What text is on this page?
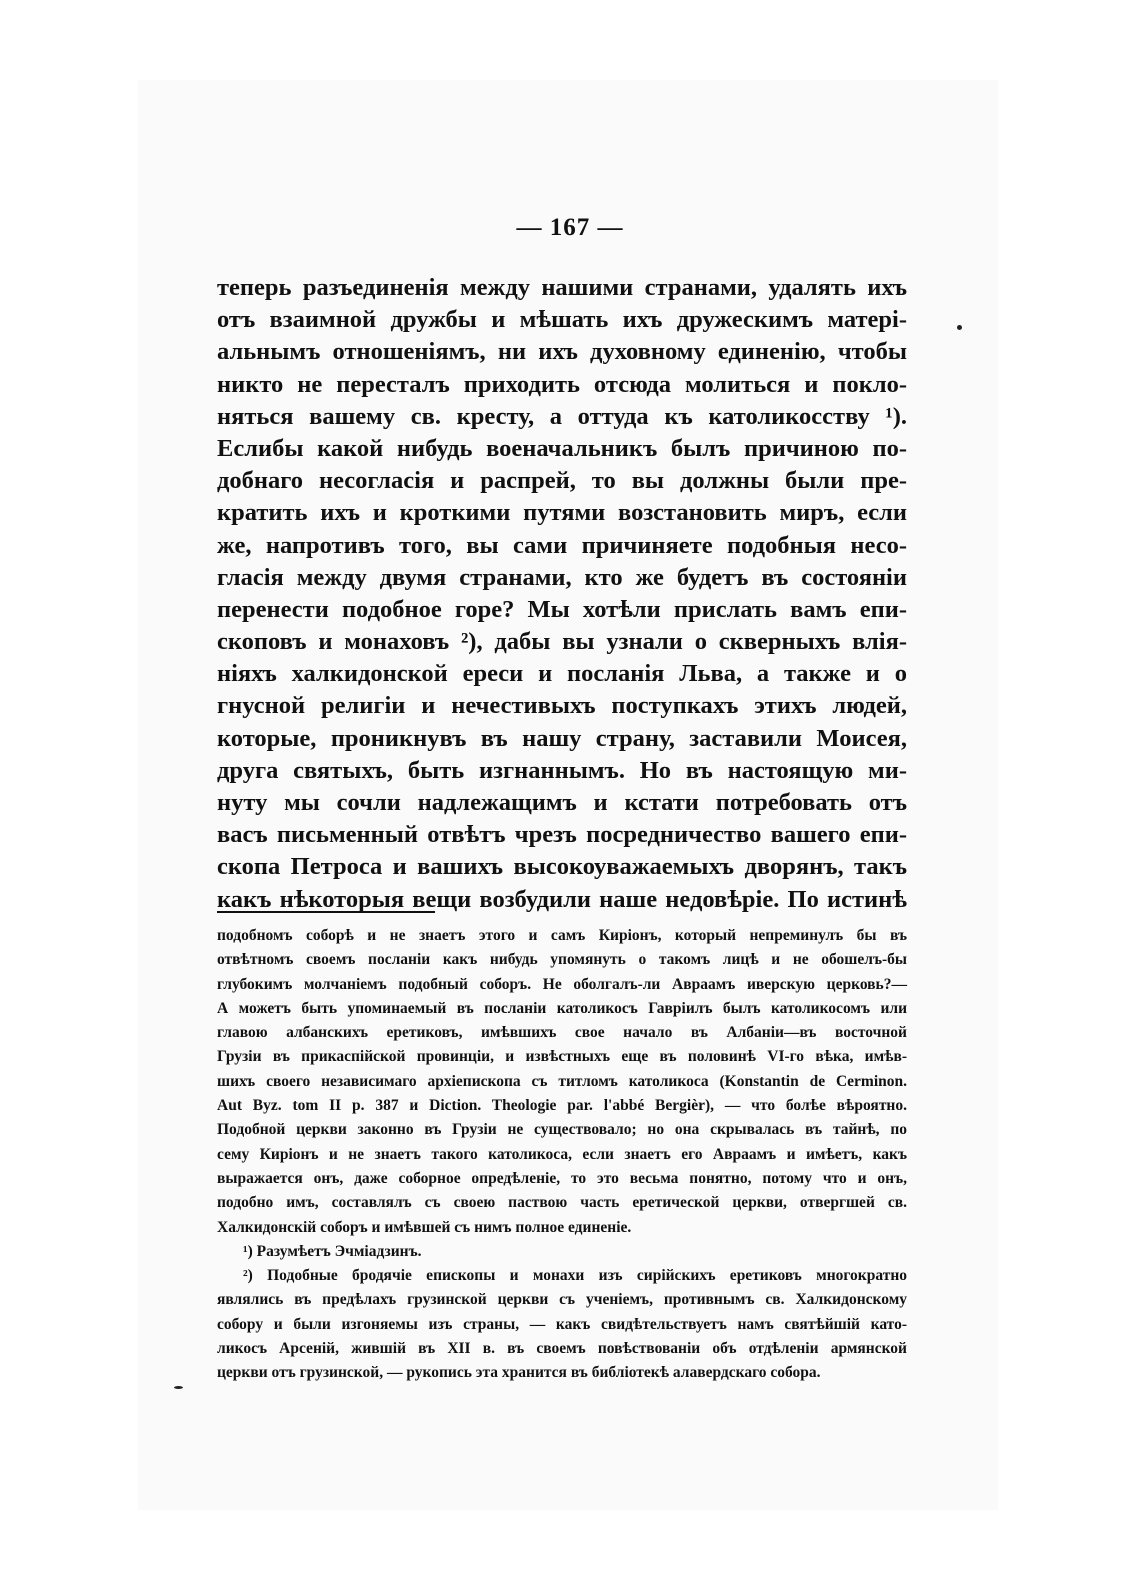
— 167 —
теперь разъединенія между нашими странами, удалять ихъ
отъ взаимной дружбы и мѣшать ихъ дружескимъ матері-
альнымъ отношеніямъ, ни ихъ духовному единенію, чтобы
никто не пересталъ приходить отсюда молиться и покло-
няться вашему св. кресту, а оттуда къ католикосству ¹).
Еслибы какой нибудь военачальникъ былъ причиною по-
добнаго несогласія и распрей, то вы должны были пре-
кратить ихъ и кроткими путями возстановить миръ, если
же, напротивъ того, вы сами причиняете подобныя несо-
гласія между двумя странами, кто же будетъ въ состояніи
перенести подобное горе? Мы хотѣли прислать вамъ епи-
скоповъ и монаховъ ²), дабы вы узнали о скверныхъ влія-
ніяхъ халкидонской ереси и посланія Льва, а также и о
гнусной религіи и нечестивыхъ поступкахъ этихъ людей,
которые, проникнувъ въ нашу страну, заставили Моисея,
друга святыхъ, быть изгнаннымъ. Но въ настоящую ми-
нуту мы сочли надлежащимъ и кстати потребовать отъ
васъ письменный отвѣтъ чрезъ посредничество вашего епи-
скопа Петроса и вашихъ высокоуважаемыхъ дворянъ, такъ
какъ нѣкоторыя вещи возбудили наше недовѣріе. По истинѣ
подобномъ соборѣ и не знаетъ этого и самъ Киріонъ, который непреминулъ бы въ
отвѣтномъ своемъ посланіи какъ нибудь упомянуть о такомъ лицѣ и не обошелъ-бы
глубокимъ молчаніемъ подобный соборъ. Не оболгалъ-ли Авраамъ иверскую церковь?—
А можетъ быть упоминаемый въ посланіи католикосъ Гавріилъ былъ католикосомъ или
главою албанскихъ еретиковъ, имѣвшихъ свое начало въ Албаніи—въ восточной
Грузіи въ прикаспійской провинціи, и извѣстныхъ еще въ половинѣ VI-го вѣка, имѣв-
шихъ своего независимаго архіепископа съ титломъ католикоса (Konstantin de Cerminon.
Aut Byz. tom II p. 387 и Diction. Theologie par. l'abbé Bergièr), — что болѣе вѣроятно.
Подобной церкви законно въ Грузіи не существовало; но она скрывалась въ тайнѣ, по
сему Киріонъ и не знаетъ такого католикоса, если знаетъ его Авраамъ и имѣетъ, какъ
выражается онъ, даже соборное опредѣленіе, то это весьма понятно, потому что и онъ,
подобно имъ, составлялъ съ своею паствою часть еретической церкви, отвергшей св.
Халкидонскій соборъ и имѣвшей съ нимъ полное единеніе.
¹) Разумѣетъ Эчміадзинъ.
²) Подобные бродячіе епископы и монахи изъ сирійскихъ еретиковъ многократно
являлись въ предѣлахъ грузинской церкви съ ученіемъ, противнымъ св. Халкидонскому
собору и были изгоняемы изъ страны, — какъ свидѣтельствуетъ намъ святѣйшій като-
ликосъ Арсеній, жившій въ XII в. въ своемъ повѣствованіи объ отдѣленіи армянской
церкви отъ грузинской, — рукопись эта хранится въ библіотекѣ алавердскаго собора.
